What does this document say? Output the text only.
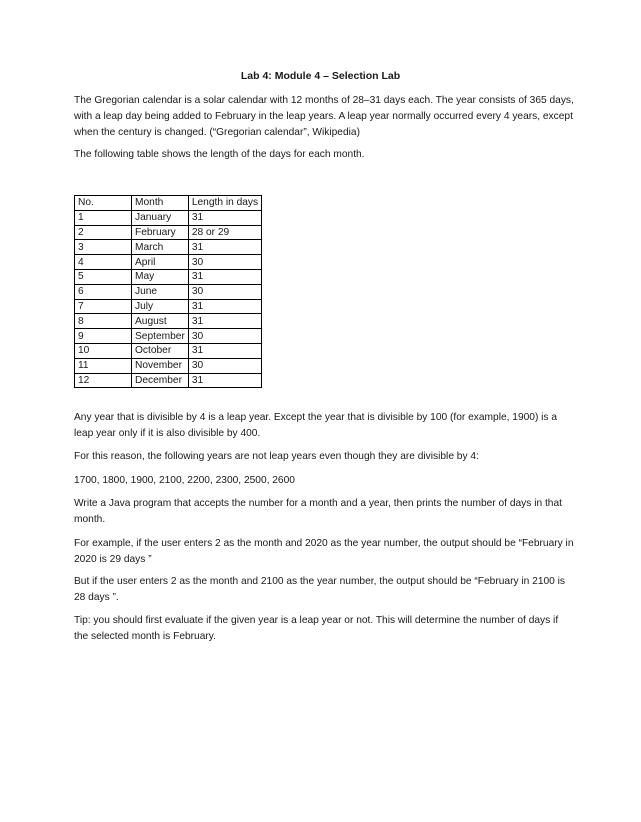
Lab 4: Module 4 – Selection Lab

The Gregorian calendar is a solar calendar with 12 months of 28–31 days each. The year consists of 365 days, with a leap day being added to February in the leap years. A leap year normally occurred every 4 years, except when the century is changed. (“Gregorian calendar”, Wikipedia)

The following table shows the length of the days for each month.

No.	Month	Length in days
1	January	31
2	February	28 or 29
3	March	31
4	April	30
5	May	31
6	June	30
7	July	31
8	August	31
9	September	30
10	October	31
11	November	30
12	December	31

Any year that is divisible by 4 is a leap year. Except the year that is divisible by 100 (for example, 1900) is a leap year only if it is also divisible by 400.

For this reason, the following years are not leap years even though they are divisible by 4:

1700, 1800, 1900, 2100, 2200, 2300, 2500, 2600

Write a Java program that accepts the number for a month and a year, then prints the number of days in that month.

For example, if the user enters 2 as the month and 2020 as the year number, the output should be “February in 2020 is 29 days ”

But if the user enters 2 as the month and 2100 as the year number, the output should be “February in 2100 is 28 days ”.

Tip: you should first evaluate if the given year is a leap year or not. This will determine the number of days if the selected month is February.
